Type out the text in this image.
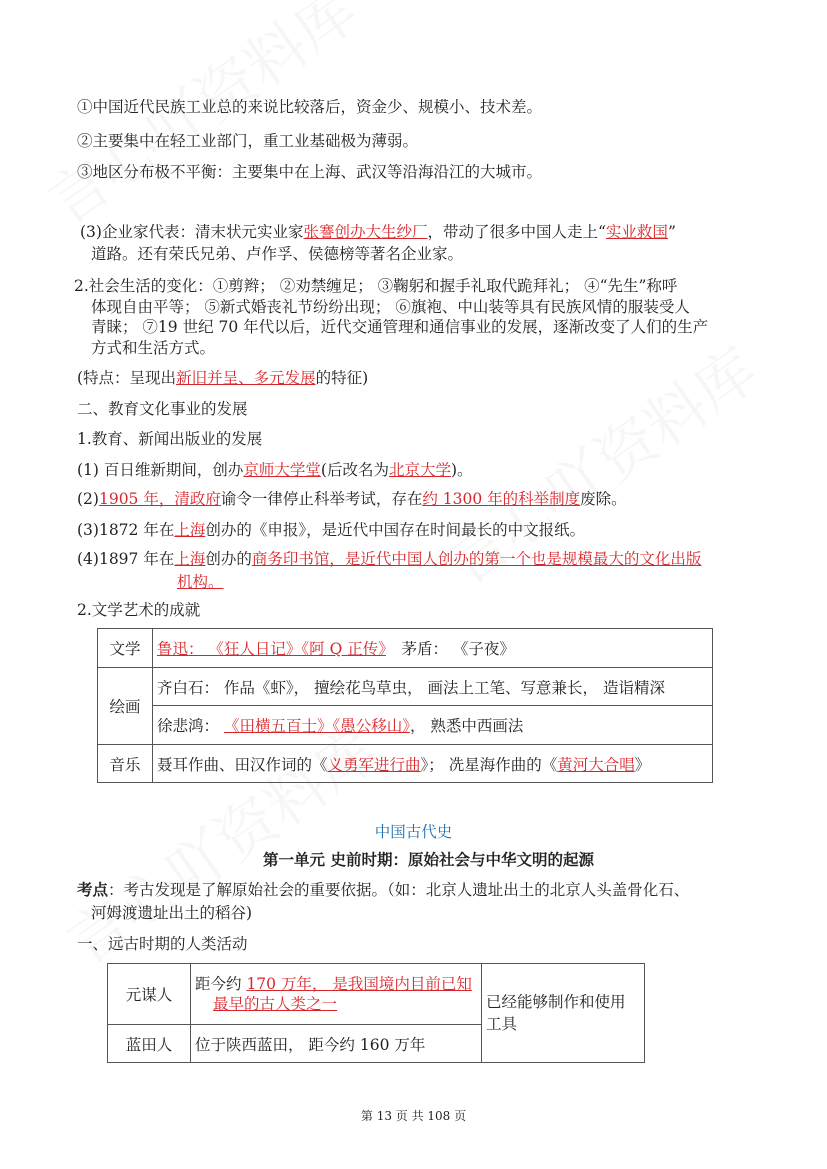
①中国近代民族工业总的来说比较落后，资金少、规模小、技术差。
②主要集中在轻工业部门，重工业基础极为薄弱。
③地区分布极不平衡：主要集中在上海、武汉等沿海沿江的大城市。
(3)企业家代表：清末状元实业家张謇创办大生纱厂，带动了很多中国人走上“实业救国”
道路。还有荣氏兄弟、卢作孚、侯德榜等著名企业家。
2.社会生活的变化：①剪辫； ②劝禁缠足； ③鞠躬和握手礼取代跪拜礼； ④“先生”称呼
体现自由平等； ⑤新式婚丧礼节纷纷出现； ⑥旗袍、中山装等具有民族风情的服装受人
青睐； ⑦19 世纪 70 年代以后，近代交通管理和通信事业的发展，逐渐改变了人们的生产
方式和生活方式。
(特点：呈现出新旧并呈、多元发展的特征)
二、教育文化事业的发展
1.教育、新闻出版业的发展
(1) 百日维新期间，创办京师大学堂(后改名为北京大学)。
(2)1905 年，清政府谕令一律停止科举考试，存在约 1300 年的科举制度废除。
(3)1872 年在上海创办的《申报》，是近代中国存在时间最长的中文报纸。
(4)1897 年在上海创办的商务印书馆，是近代中国人创办的第一个也是规模最大的文化出版
机构。
2.文学艺术的成就
文学	鲁迅： 《狂人日记》《阿 Q 正传》　茅盾： 《子夜》
绘画	齐白石： 作品《虾》， 擅绘花鸟草虫， 画法上工笔、写意兼长， 造诣精深
	徐悲鸿： 《田横五百士》《愚公移山》， 熟悉中西画法
音乐	聂耳作曲、田汉作词的《义勇军进行曲》； 冼星海作曲的《黄河大合唱》
中国古代史
第一单元 史前时期：原始社会与中华文明的起源
考点：考古发现是了解原始社会的重要依据。（如：北京人遗址出土的北京人头盖骨化石、
河姆渡遗址出土的稻谷)
一、远古时期的人类活动
元谋人	距今约 170 万年， 是我国境内目前已知
最早的古人类之一	已经能够制作和使用工具
蓝田人	位于陕西蓝田， 距今约 160 万年	
第 13 页 共 108 页
